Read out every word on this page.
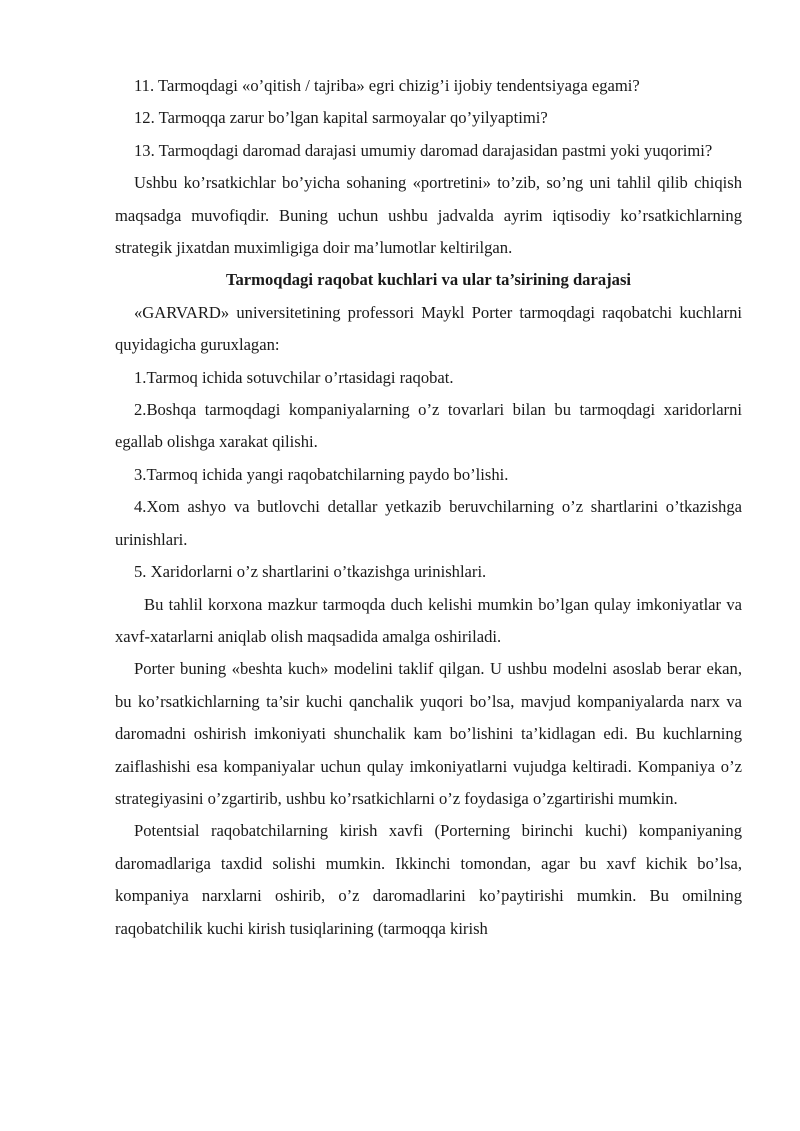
11. Tarmoqdagi «o’qitish / tajriba» egri chizig’i ijobiy tendentsiyaga egami?

12. Tarmoqqa zarur bo’lgan kapital sarmoyalar qo’yilyaptimi?

13. Tarmoqdagi daromad darajasi umumiy daromad darajasidan pastmi yoki yuqorimi?

Ushbu ko’rsatkichlar bo’yicha sohaning «portretini» to’zib, so’ng uni tahlil qilib chiqish maqsadga muvofiqdir. Buning uchun ushbu jadvalda ayrim iqtisodiy ko’rsatkichlarning strategik jixatdan muximligiga doir ma’lumotlar keltirilgan.

Tarmoqdagi raqobat kuchlari va ular ta’sirining darajasi

«GARVARD» universitetining professori Maykl Porter tarmoqdagi raqobatchi kuchlarni quyidagicha guruxlagan:

1.Tarmoq ichida sotuvchilar o’rtasidagi raqobat.

2.Boshqa tarmoqdagi kompaniyalarning o’z tovarlari bilan bu tarmoqdagi xaridorlarni egallab olishga xarakat qilishi.

3.Tarmoq ichida yangi raqobatchilarning paydo bo’lishi.

4.Xom ashyo va butlovchi detallar yetkazib beruvchilarning o’z shartlarini o’tkazishga urinishlari.

5. Xaridorlarni o’z shartlarini o’tkazishga urinishlari.

Bu tahlil korxona mazkur tarmoqda duch kelishi mumkin bo’lgan qulay imkoniyatlar va xavf-xatarlarni aniqlab olish maqsadida amalga oshiriladi.

Porter buning «beshta kuch» modelini taklif qilgan. U ushbu modelni asoslab berar ekan, bu ko’rsatkichlarning ta’sir kuchi qanchalik yuqori bo’lsa, mavjud kompaniyalarda narx va daromadni oshirish imkoniyati shunchalik kam bo’lishini ta’kidlagan edi. Bu kuchlarning zaiflashishi esa kompaniyalar uchun qulay imkoniyatlarni vujudga keltiradi. Kompaniya o’z strategiyasini o’zgartirib, ushbu ko’rsatkichlarni o’z foydasiga o’zgartirishi mumkin.

Potentsial raqobatchilarning kirish xavfi (Porterning birinchi kuchi) kompaniyaning daromadlariga taxdid solishi mumkin. Ikkinchi tomondan, agar bu xavf kichik bo’lsa, kompaniya narxlarni oshirib, o’z daromadlarini ko’paytirishi mumkin. Bu omilning raqobatchilik kuchi kirish tusiqlarining (tarmoqqa kirish
